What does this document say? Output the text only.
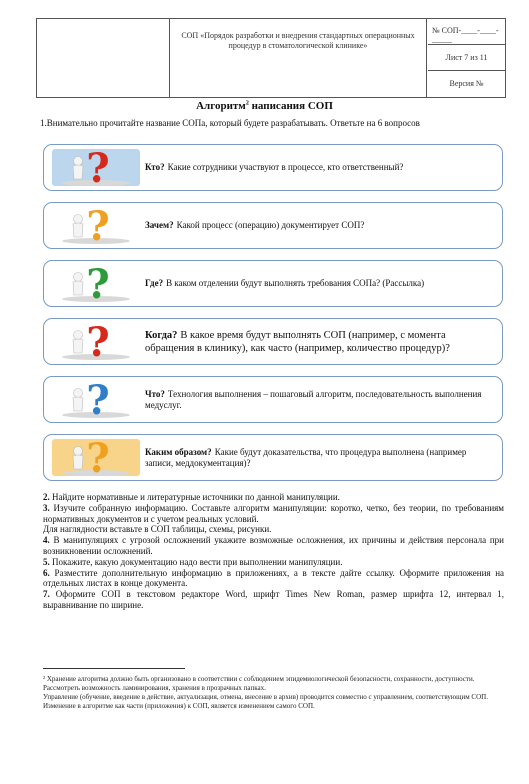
СОП «Порядок разработки и внедрения стандартных операционных процедур в стоматологической клинике»
№ СОП-____-____-_____
Лист 7 из 11
Версия №
Алгоритм$^2$ написания СОП
1.Внимательно прочитайте название СОПа, который будете разрабатывать. Ответьте на 6 вопросов
?	Кто? Какие сотрудники участвуют в процессе, кто ответственный?
?	Зачем? Какой процесс (операцию) документирует СОП?
?	Где? В каком отделении будут выполнять требования СОПа? (Рассылка)
?	Когда? В какое время будут выполнять СОП (например, с момента обращения в клинику), как часто (например, количество процедур)?
?	Что? Технология выполнения – пошаговый алгоритм, последовательность выполнения медуслуг.
?	Каким образом? Какие будут доказательства, что процедура выполнена (например записи, меддокументация)?

2. Найдите нормативные и литературные источники по данной манипуляции.

3. Изучите собранную информацию. Составьте алгоритм манипуляции: коротко, четко, без теории, по требованиям нормативных документов и с учетом реальных условий.

Для наглядности вставьте в СОП таблицы, схемы, рисунки.

4. В манипуляциях с угрозой осложнений укажите возможные осложнения, их причины и действия персонала при возникновении осложнений.

5. Покажите, какую документацию надо вести при выполнении манипуляции.

6. Разместите дополнительную информацию в приложениях, а в тексте дайте ссылку. Оформите приложения на отдельных листах в конце документа.

7. Оформите СОП в текстовом редакторе Word, шрифт Times New Roman, размер шрифта 12, интервал 1, выравнивание по ширине.

² Хранение алгоритма должно быть организовано в соответствии с соблюдением эпидемиологической безопасности, сохранности, доступности.

Рассмотреть возможность ламинирования, хранения в прозрачных папках.

Управление (обучение, введение в действие, актуализация, отмена, внесение в архив) проводится совместно с управлением, соответствующим СОП.

Изменение в алгоритме как части (приложения) к СОП, является изменением самого СОП.
